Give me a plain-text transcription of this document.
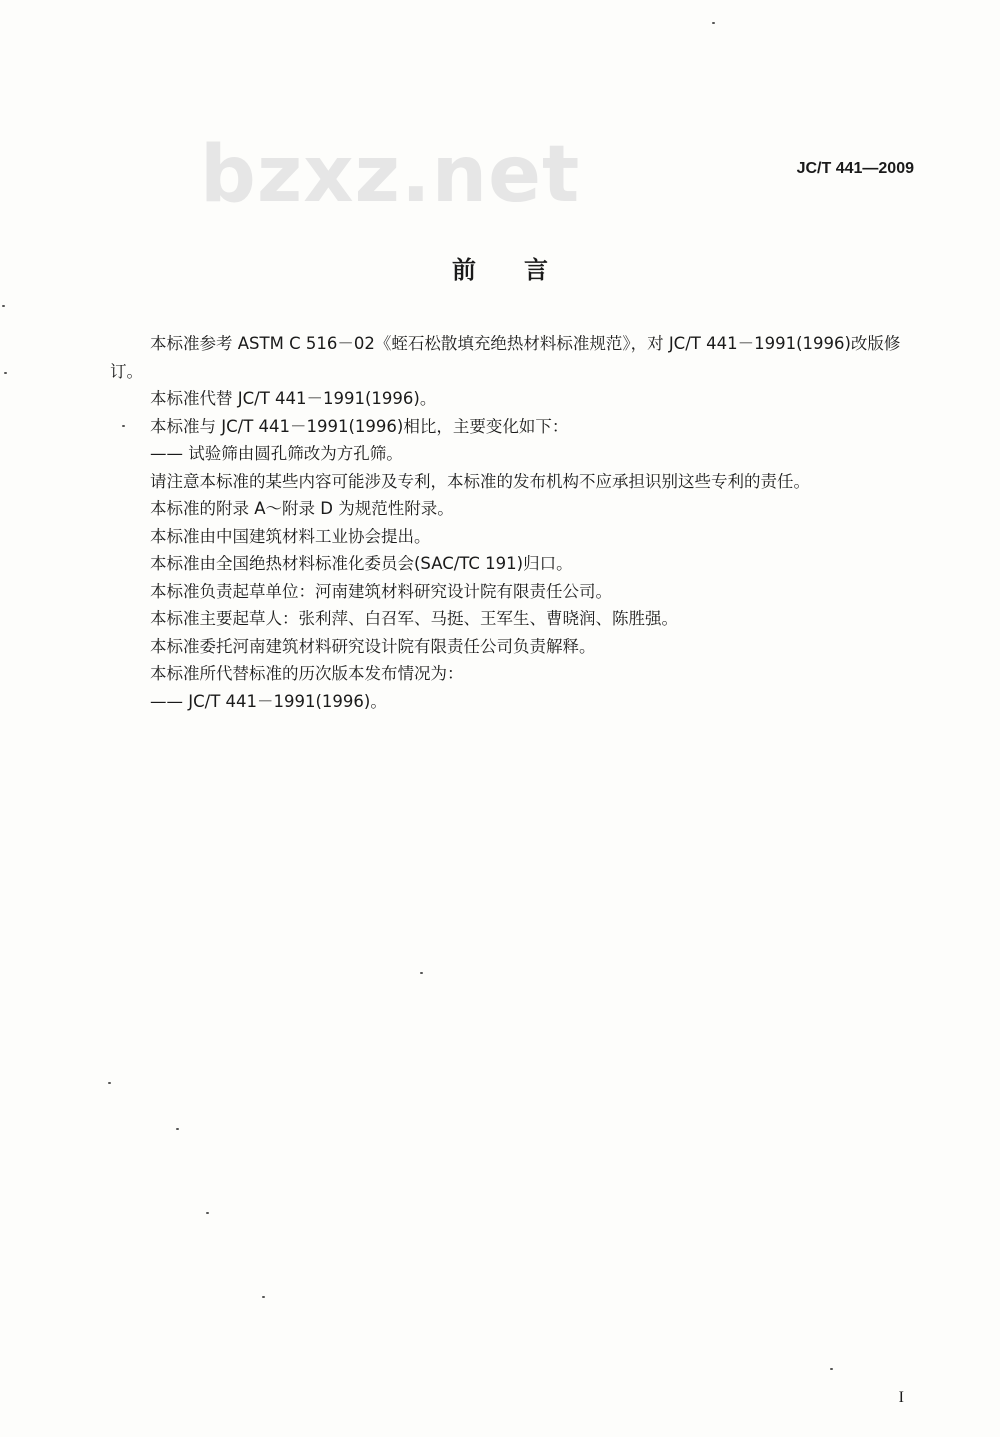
bzxz.net	JC/T 441—2009
前 言

本标准参考 ASTM C 516－02《蛭石松散填充绝热材料标准规范》，对 JC/T 441－1991(1996)改版修订。

本标准代替 JC/T 441－1991(1996)。

本标准与 JC/T 441－1991(1996)相比，主要变化如下：

—— 试验筛由圆孔筛改为方孔筛。

请注意本标准的某些内容可能涉及专利，本标准的发布机构不应承担识别这些专利的责任。

本标准的附录 A～附录 D 为规范性附录。

本标准由中国建筑材料工业协会提出。

本标准由全国绝热材料标准化委员会(SAC/TC 191)归口。

本标准负责起草单位：河南建筑材料研究设计院有限责任公司。

本标准主要起草人：张利萍、白召军、马挺、王军生、曹晓润、陈胜强。

本标准委托河南建筑材料研究设计院有限责任公司负责解释。

本标准所代替标准的历次版本发布情况为：

—— JC/T 441－1991(1996)。

I
